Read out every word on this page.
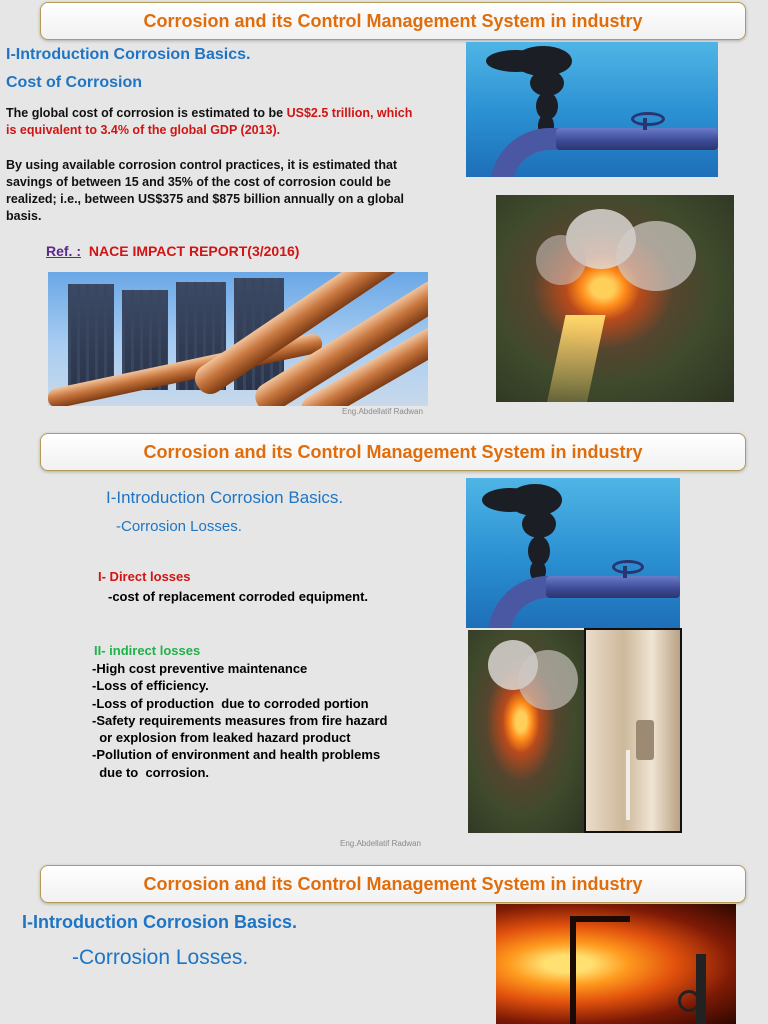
Corrosion and its Control Management System in industry
I-Introduction Corrosion Basics.
Cost of Corrosion
The global cost of corrosion is estimated to be US$2.5 trillion, which is equivalent to 3.4% of the global GDP (2013).
By using available corrosion control practices, it is estimated that savings of between 15 and 35% of the cost of corrosion could be realized; i.e., between US$375 and $875 billion annually on a global basis.
Ref. : NACE IMPACT REPORT(3/2016)
Eng.Abdellatif Radwan
Corrosion and its Control Management System in industry
I-Introduction Corrosion Basics.
-Corrosion Losses.
I- Direct losses
-cost of replacement corroded equipment.
II- indirect losses
-High cost preventive maintenance
-Loss of efficiency.
-Loss of production  due to corroded portion
-Safety requirements measures from fire hazard
or explosion from leaked hazard product
-Pollution of environment and health problems
due to  corrosion.
Eng.Abdellatif Radwan
Corrosion and its Control Management System in industry
I-Introduction Corrosion Basics.
-Corrosion Losses.
